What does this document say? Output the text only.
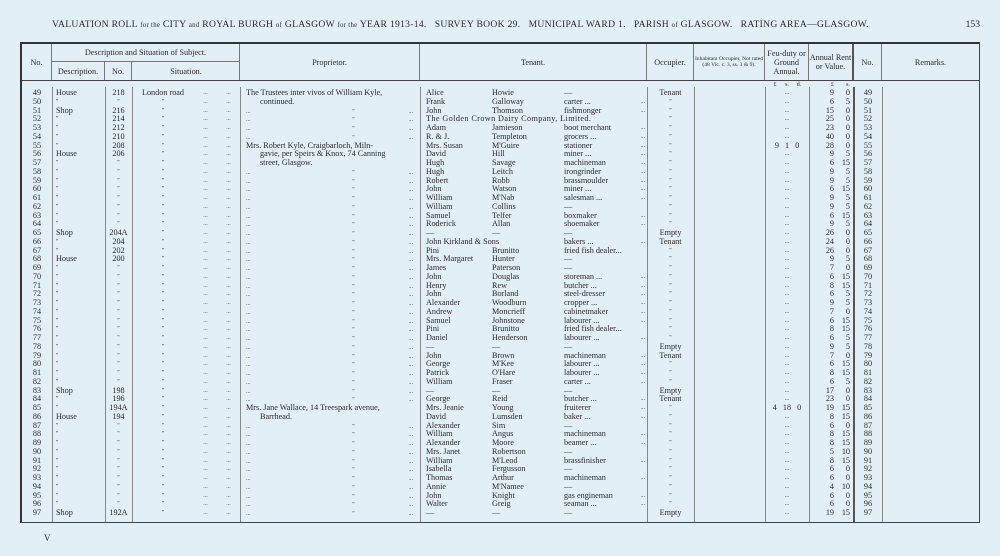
VALUATION ROLL for the CITY and ROYAL BURGH of GLASGOW for the YEAR 1913-14. SURVEY BOOK 29. MUNICIPAL WARD 1. PARISH of GLASGOW. RATING AREA—GLASGOW.	153
No.
Description and Situation of Subject.
Description.	No.	Situation.
Proprietor.	Tenant.	Occupier.	Inhabitant Occupier, Not rated (48 Vic. c. 3, ss. 3 & 9).
Feu-duty or Ground Annual.
Annual Rent or Value.	No.	Remarks.
£	s.	d.	£	s.
49	House	218	London road	...	...	The Trustees inter vivos of William Kyle,	Alice	Howie	—	Tenant	...	9	0	49
50	"	"	"	...	...	continued.	Frank	Galloway	carter ...	...	"	...	6	5	50
51	Shop	216	"	...	...	...	"	...	John	Thomson	fishmonger	...	"	...	15	0	51
52	"	214	"	...	...	...	"	...	The Golden Crown Dairy Company, Limited.	"	...	25	0	52
53	"	212	"	...	...	...	"	...	Adam	Jamieson	boot merchant	...	"	...	23	0	53
54	"	210	"	...	...	...	"	...	R. & J.	Templeton	grocers ...	...	"	...	40	0	54
55	"	208	"	...	...	Mrs. Robert Kyle, Craigbarloch, Miln-	Mrs. Susan	M'Guire	stationer	...	"	9 1 0	28	0	55
56	House	206	"	...	...	gavie, per Speirs & Knox, 74 Canning	David	Hill	miner ...	...	"	...	9	5	56
57	"	"	"	...	...	street, Glasgow.	Hugh	Savage	machineman	...	"	...	6 15	57
58	"	"	"	...	...	...	"	...	Hugh	Leitch	irongrinder	...	"	...	9	5	58
59	"	"	"	...	...	...	"	...	Robert	Robb	brassmoulder	...	"	...	9	5	59
60	"	"	"	...	...	...	"	...	John	Watson	miner ...	...	"	...	6 15	60
61	"	"	"	...	...	...	"	...	William	M'Nab	salesman ...	...	"	...	9	5	61
62	"	"	"	...	...	...	"	...	William	Collins	—	"	...	9	5	62
63	"	"	"	...	...	...	"	...	Samuel	Telfer	boxmaker	...	"	...	6 15	63
64	"	"	"	...	...	...	"	...	Roderick	Allan	shoemaker	...	"	...	9	5	64
65	Shop	204A	"	...	...	...	"	...	—	—	—	Empty	...	26	0	65
66	"	204	"	...	...	...	"	...	John Kirkland & Sons	bakers ...	...	Tenant	...	24	0	66
67	"	202	"	...	...	...	"	...	Pini	Brunitto	fried fish dealer...	"	...	26	0	67
68	House	200	"	...	...	...	"	...	Mrs. Margaret	Hunter	—	"	...	9	5	68
69	"	"	"	...	...	...	"	...	James	Paterson	—	"	...	7	0	69
70	"	"	"	...	...	...	"	...	John	Douglas	storeman ...	...	"	...	6 15	70
71	"	"	"	...	...	...	"	...	Henry	Rew	butcher ...	...	"	...	8 15	71
72	"	"	"	...	...	...	"	...	John	Borland	steel-dresser	...	"	...	6	5	72
73	"	"	"	...	...	...	"	...	Alexander	Woodburn	cropper ...	...	"	...	9	5	73
74	"	"	"	...	...	...	"	...	Andrew	Moncrieff	cabinetmaker	...	"	...	7	0	74
75	"	"	"	...	...	...	"	...	Samuel	Johnstone	labourer ...	...	"	...	6 15	75
76	"	"	"	...	...	...	"	...	Pini	Brunitto	fried fish dealer...	"	...	8 15	76
77	"	"	"	...	...	...	"	...	Daniel	Henderson	labourer ...	...	"	...	6	5	77
78	"	"	"	...	...	...	"	...	—	—	—	Empty	...	9	5	78
79	"	"	"	...	...	...	"	...	John	Brown	machineman	...	Tenant	...	7	0	79
80	"	"	"	...	...	...	"	...	George	M'Kee	labourer ...	...	"	...	6 15	80
81	"	"	"	...	...	...	"	...	Patrick	O'Hare	labourer ...	...	"	...	8 15	81
82	"	"	"	...	...	...	"	...	William	Fraser	carter ...	...	"	...	6	5	82
83	Shop	198	"	...	...	...	"	...	—	—	—	Empty	...	17	0	83
84	"	196	"	...	...	...	"	...	George	Reid	butcher ...	...	Tenant	...	23	0	84
85	"	194A	"	...	...	Mrs. Jane Wallace, 14 Treespark avenue,	Mrs. Jeanie	Young	fruiterer	...	"	4 18 0	19 15	85
86	House	194	"	...	...	Barrhead.	David	Lumsden	baker ...	...	"	...	8 15	86
87	"	"	"	...	...	...	"	...	Alexander	Sim	—	"	...	6	0	87
88	"	"	"	...	...	...	"	...	William	Angus	machineman	...	"	...	8 15	88
89	"	"	"	...	...	...	"	...	Alexander	Moore	beamer ...	...	"	...	8 15	89
90	"	"	"	...	...	...	"	...	Mrs. Janet	Robertson	—	"	...	5 10	90
91	"	"	"	...	...	...	"	...	William	M'Leod	brassfinisher	...	"	...	8 15	91
92	"	"	"	...	...	...	"	...	Isabella	Fergusson	—	"	...	6	0	92
93	"	"	"	...	...	...	"	...	Thomas	Arthur	machineman	...	"	...	6	0	93
94	"	"	"	...	...	...	"	...	Annie	M'Namee	—	"	...	4 10	94
95	"	"	"	...	...	...	"	...	John	Knight	gas engineman	...	"	...	6	0	95
96	"	"	"	...	...	...	"	...	Walter	Greig	seaman ...	...	"	...	6	0	96
97	Shop	192A	"	...	...	...	"	...	—	—	—	Empty	...	19 15	97
V
